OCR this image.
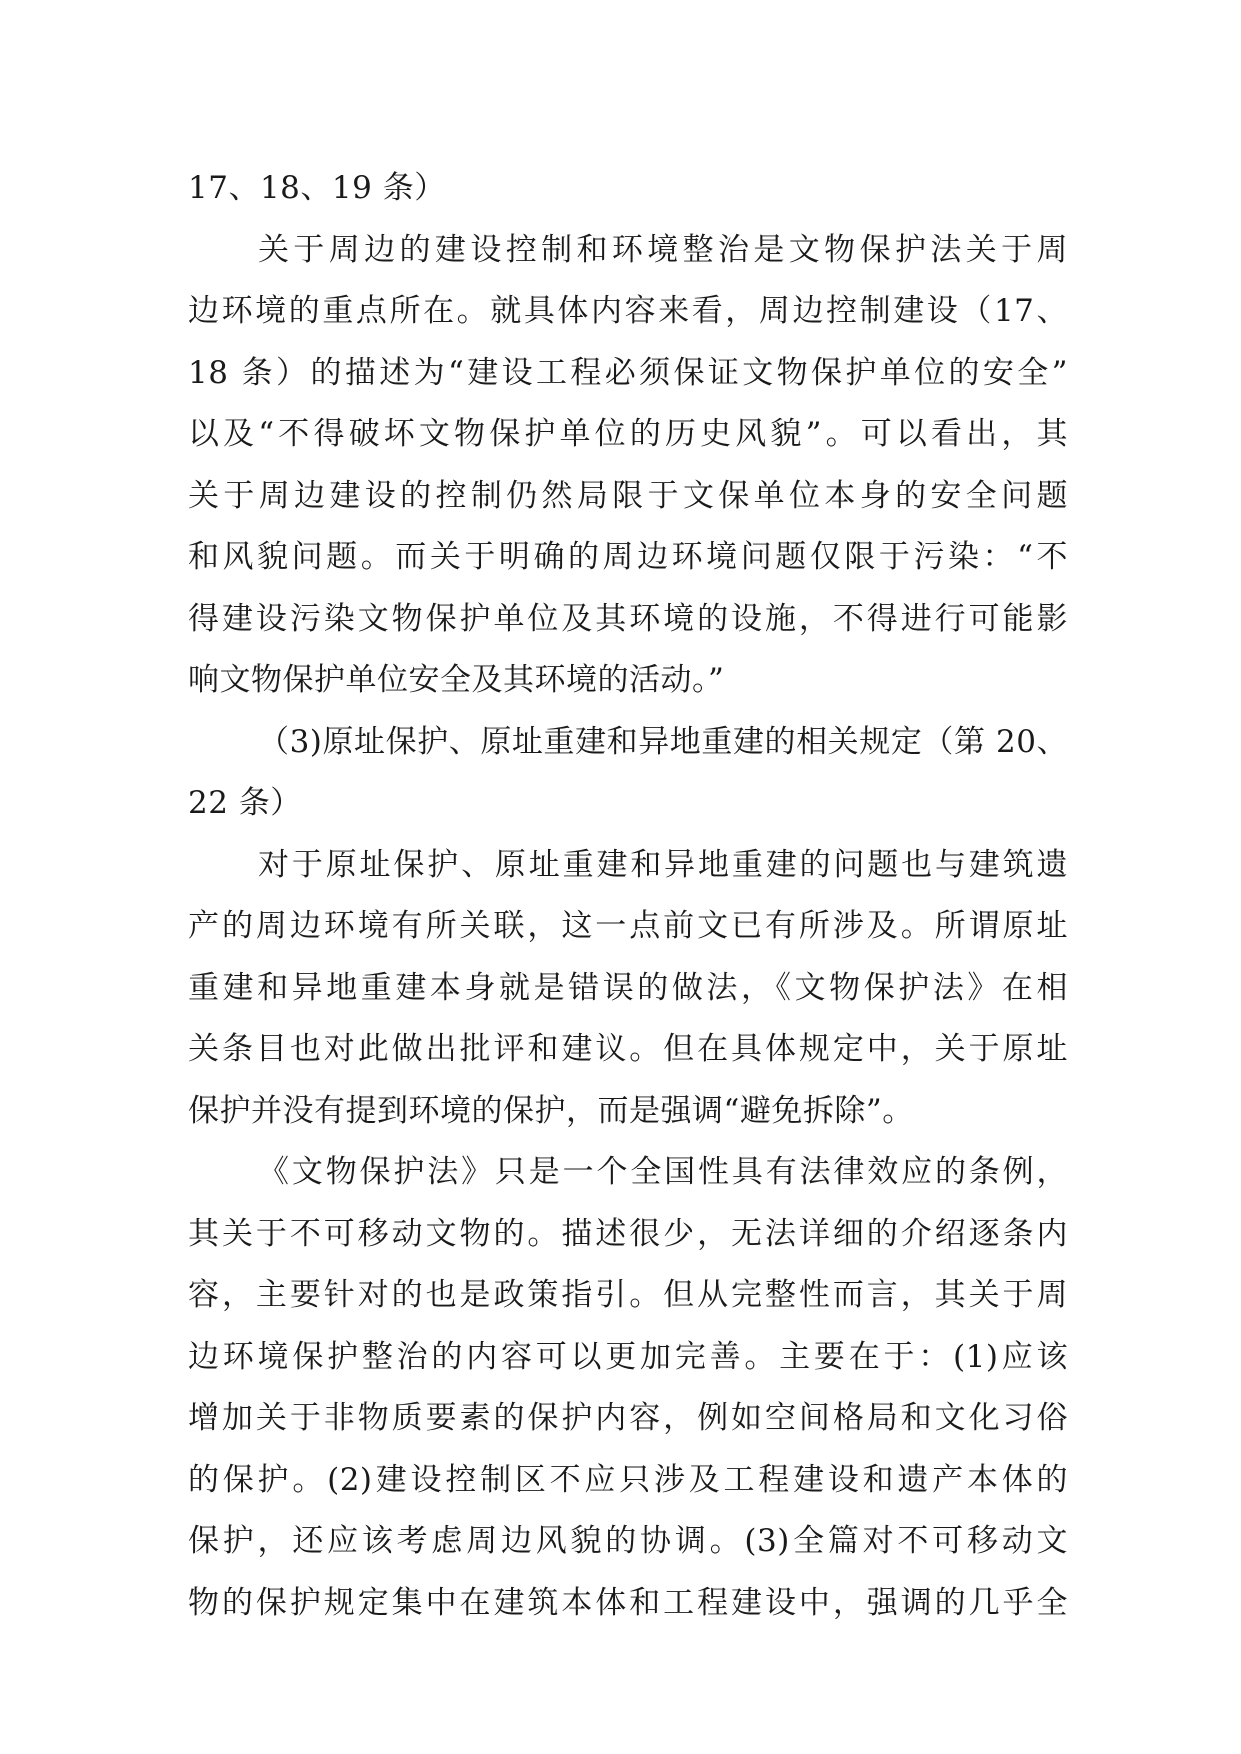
17、18、19 条）
关于周边的建设控制和环境整治是文物保护法关于周
边环境的重点所在。就具体内容来看，周边控制建设（17、
18 条）的描述为“建设工程必须保证文物保护单位的安全”
以及“不得破坏文物保护单位的历史风貌”。可以看出，其
关于周边建设的控制仍然局限于文保单位本身的安全问题
和风貌问题。而关于明确的周边环境问题仅限于污染：“不
得建设污染文物保护单位及其环境的设施，不得进行可能影
响文物保护单位安全及其环境的活动。”
（3)原址保护、原址重建和异地重建的相关规定（第 20、
22 条）
对于原址保护、原址重建和异地重建的问题也与建筑遗
产的周边环境有所关联，这一点前文已有所涉及。所谓原址
重建和异地重建本身就是错误的做法，《文物保护法》在相
关条目也对此做出批评和建议。但在具体规定中，关于原址
保护并没有提到环境的保护，而是强调“避免拆除”。
《文物保护法》只是一个全国性具有法律效应的条例，
其关于不可移动文物的。描述很少，无法详细的介绍逐条内
容，主要针对的也是政策指引。但从完整性而言，其关于周
边环境保护整治的内容可以更加完善。主要在于：(1)应该
增加关于非物质要素的保护内容，例如空间格局和文化习俗
的保护。(2)建设控制区不应只涉及工程建设和遗产本体的
保护，还应该考虑周边风貌的协调。(3)全篇对不可移动文
物的保护规定集中在建筑本体和工程建设中，强调的几乎全
